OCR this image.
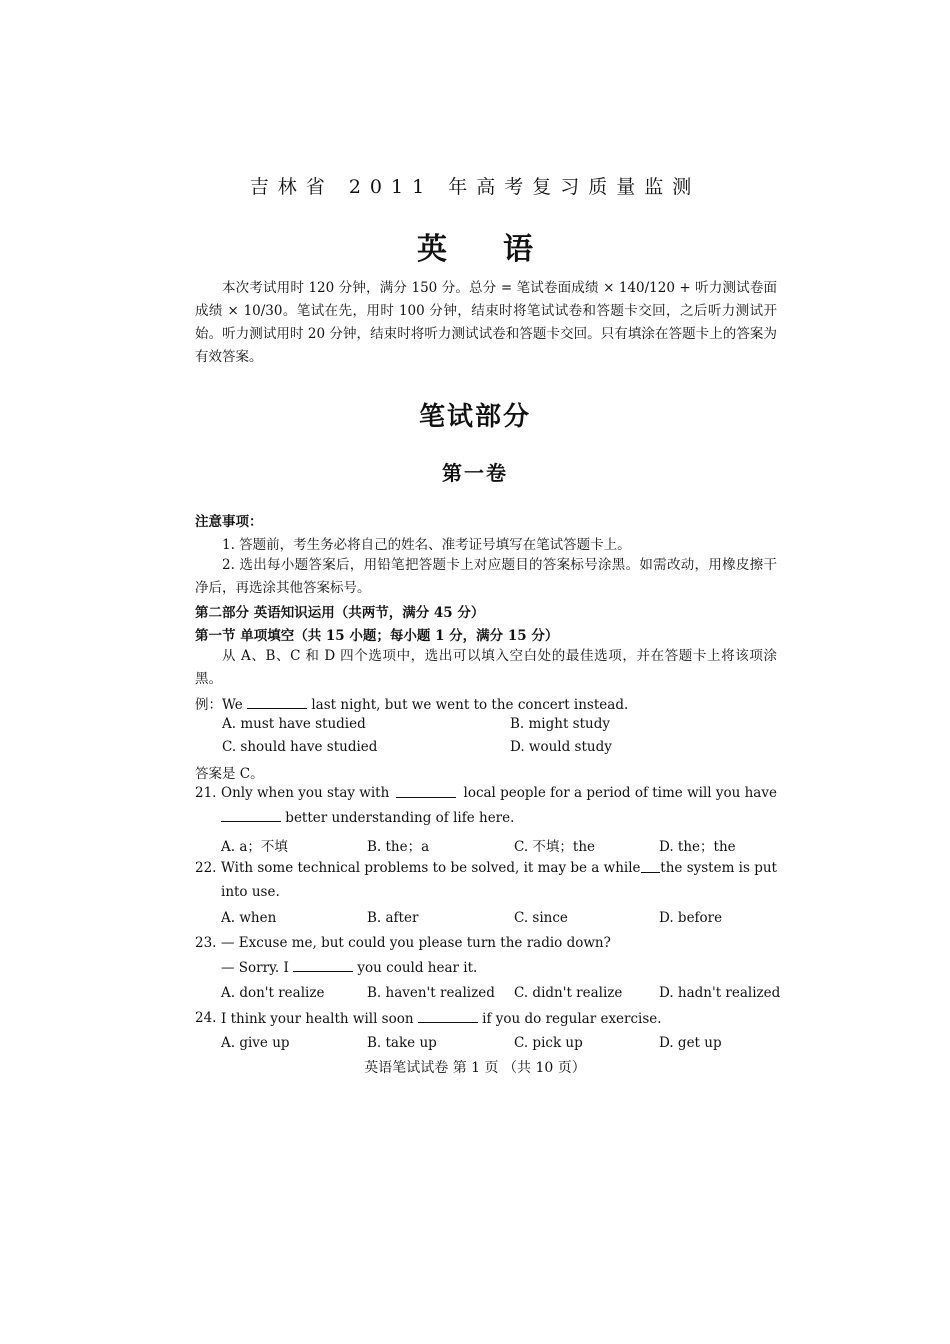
吉林省 2011 年高考复习质量监测
英语
本次考试用时 120 分钟，满分 150 分。总分 = 笔试卷面成绩 × 140/120 + 听力测试卷面成绩 × 10/30。笔试在先，用时 100 分钟，结束时将笔试试卷和答题卡交回，之后听力测试开始。听力测试用时 20 分钟，结束时将听力测试试卷和答题卡交回。只有填涂在答题卡上的答案为有效答案。
笔试部分
第一卷
注意事项：
1. 答题前，考生务必将自己的姓名、准考证号填写在笔试答题卡上。
2. 选出每小题答案后，用铅笔把答题卡上对应题目的答案标号涂黑。如需改动，用橡皮擦干净后，再选涂其他答案标号。
第二部分 英语知识运用（共两节，满分 45 分）
第一节 单项填空（共 15 小题；每小题 1 分，满分 15 分）
从 A、B、C 和 D 四个选项中，选出可以填入空白处的最佳选项，并在答题卡上将该项涂黑。
例：We	last night, but we went to the concert instead.
A. must have studied	B. might study
C. should have studied	D. would study
答案是 C。
21. Only when you stay with	local people for a period of time will you have
better understanding of life here.
A. a；不填	B. the；a	C. 不填；the	D. the；the
22. With some technical problems to be solved, it may be a while the system is put
into use.
A. when	B. after	C. since	D. before
23. — Excuse me, but could you please turn the radio down?
— Sorry. I	you could hear it.
A. don't realize	B. haven't realized C. didn't realize	D. hadn't realized
24. I think your health will soon	if you do regular exercise.
A. give up	B. take up	C. pick up	D. get up
英语笔试试卷 第 1 页 （共 10 页）
